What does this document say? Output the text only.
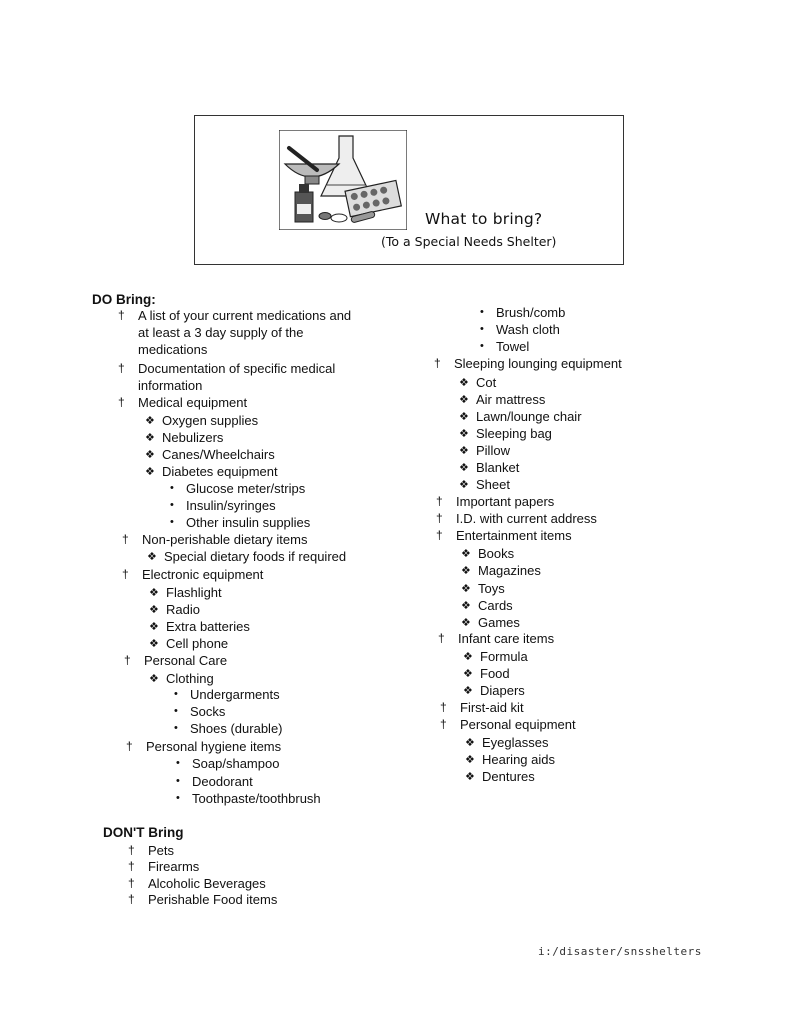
What to bring?
(To a Special Needs Shelter)
DO Bring:
† A list of your current medications and
at least a 3 day supply of the
medications
† Documentation of specific medical
information
† Medical equipment
❖ Oxygen supplies
❖ Nebulizers
❖ Canes/Wheelchairs
❖ Diabetes equipment
• Glucose meter/strips
• Insulin/syringes
• Other insulin supplies
† Non-perishable dietary items
❖ Special dietary foods if required
† Electronic equipment
❖ Flashlight
❖ Radio
❖ Extra batteries
❖ Cell phone
† Personal Care
❖ Clothing
• Undergarments
• Socks
• Shoes (durable)
† Personal hygiene items
• Soap/shampoo
• Deodorant
• Toothpaste/toothbrush
• Brush/comb
• Wash cloth
• Towel
† Sleeping lounging equipment
❖ Cot
❖ Air mattress
❖ Lawn/lounge chair
❖ Sleeping bag
❖ Pillow
❖ Blanket
❖ Sheet
† Important papers
† I.D. with current address
† Entertainment items
❖ Books
❖ Magazines
❖ Toys
❖ Cards
❖ Games
† Infant care items
❖ Formula
❖ Food
❖ Diapers
† First-aid kit
† Personal equipment
❖ Eyeglasses
❖ Hearing aids
❖ Dentures
DON'T Bring
† Pets
† Firearms
† Alcoholic Beverages
† Perishable Food items
i:/disaster/snsshelters
